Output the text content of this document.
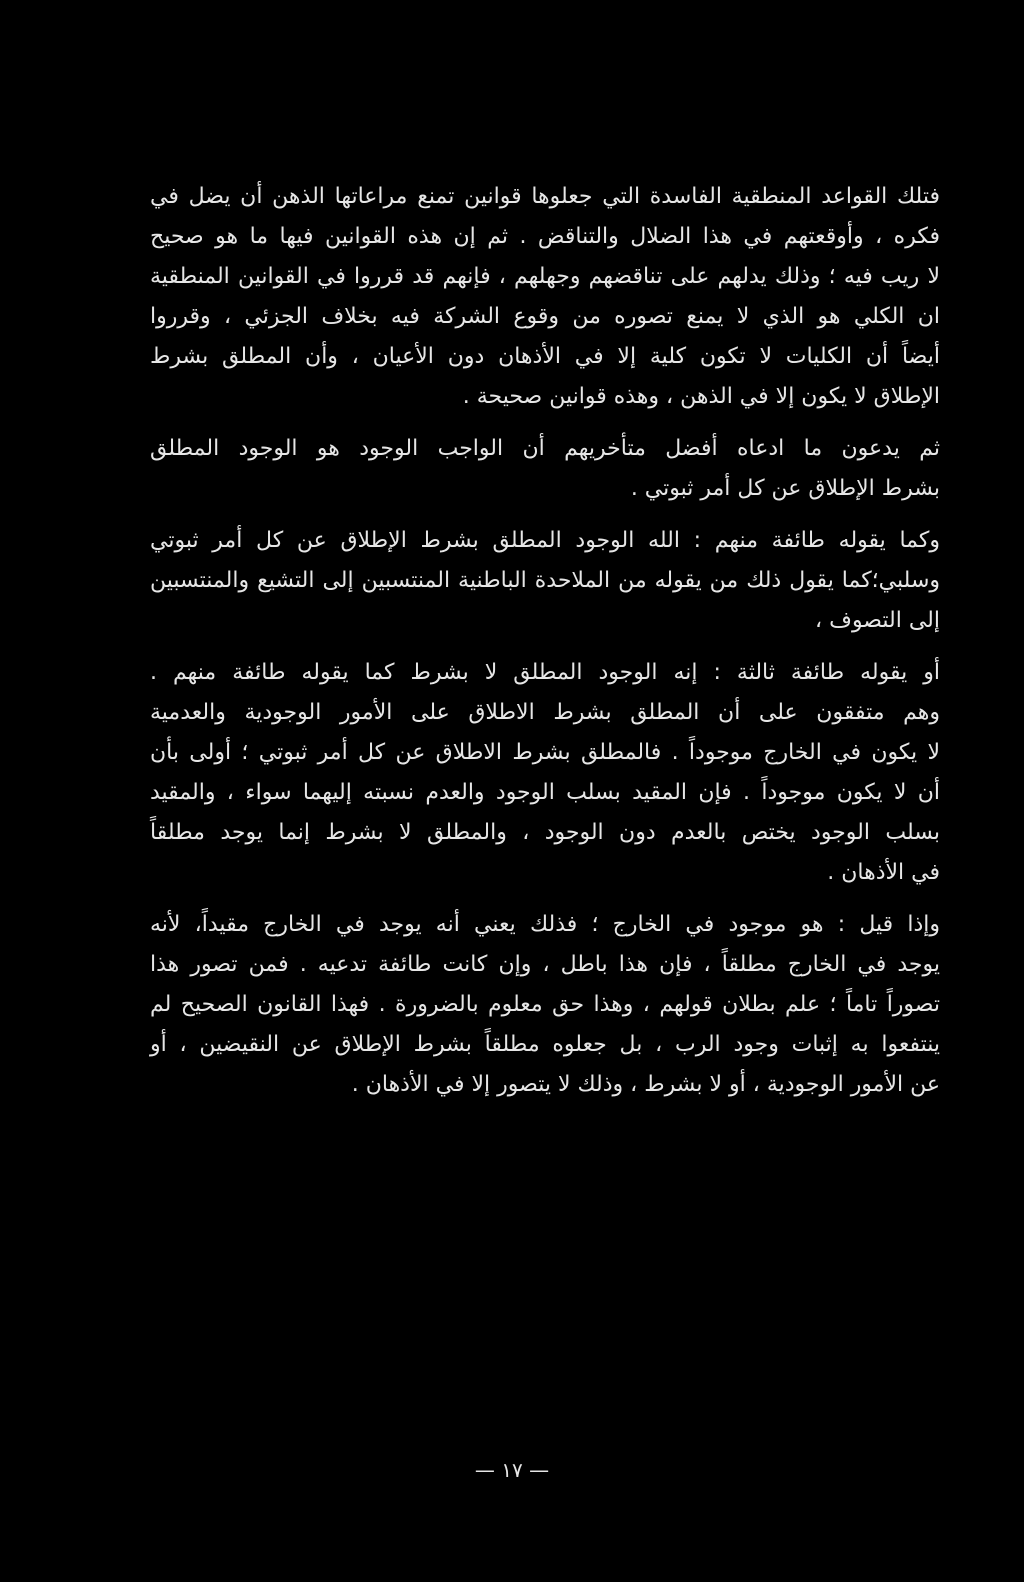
فتلك القواعد المنطقية الفاسدة التي جعلوها قوانين تمنع مراعاتها الذهن أن يضل في
فكره ، وأوقعتهم في هذا الضلال والتناقض . ثم إن هذه القوانين فيها ما هو صحيح
لا ريب فيه ؛ وذلك يدلهم على تناقضهم وجهلهم ، فإنهم قد قرروا في القوانين المنطقية
ان الكلي هو الذي لا يمنع تصوره من وقوع الشركة فيه بخلاف الجزئي ، وقرروا
أيضاً أن الكليات لا تكون كلية إلا في الأذهان دون الأعيان ، وأن المطلق بشرط
الإطلاق لا يكون إلا في الذهن ، وهذه قوانين صحيحة .
ثم يدعون ما ادعاه أفضل متأخريهم أن الواجب الوجود هو الوجود المطلق
بشرط الإطلاق عن كل أمر ثبوتي .
وكما يقوله طائفة منهم : الله الوجود المطلق بشرط الإطلاق عن كل أمر ثبوتي
وسلبي؛كما يقول ذلك من يقوله من الملاحدة الباطنية المنتسبين إلى التشيع والمنتسبين
إلى التصوف ،
أو يقوله طائفة ثالثة : إنه الوجود المطلق لا بشرط كما يقوله طائفة منهم .
وهم متفقون على أن المطلق بشرط الاطلاق على الأمور الوجودية والعدمية
لا يكون في الخارج موجوداً . فالمطلق بشرط الاطلاق عن كل أمر ثبوتي ؛ أولى بأن
أن لا يكون موجوداً . فإن المقيد بسلب الوجود والعدم نسبته إليهما سواء ، والمقيد
بسلب الوجود يختص بالعدم دون الوجود ، والمطلق لا بشرط إنما يوجد مطلقاً
في الأذهان .
وإذا قيل : هو موجود في الخارج ؛ فذلك يعني أنه يوجد في الخارج مقيداً، لأنه
يوجد في الخارج مطلقاً ، فإن هذا باطل ، وإن كانت طائفة تدعيه . فمن تصور هذا
تصوراً تاماً ؛ علم بطلان قولهم ، وهذا حق معلوم بالضرورة . فهذا القانون الصحيح لم
ينتفعوا به إثبات وجود الرب ، بل جعلوه مطلقاً بشرط الإطلاق عن النقيضين ، أو
عن الأمور الوجودية ، أو لا بشرط ، وذلك لا يتصور إلا في الأذهان .
— ١٧ —
